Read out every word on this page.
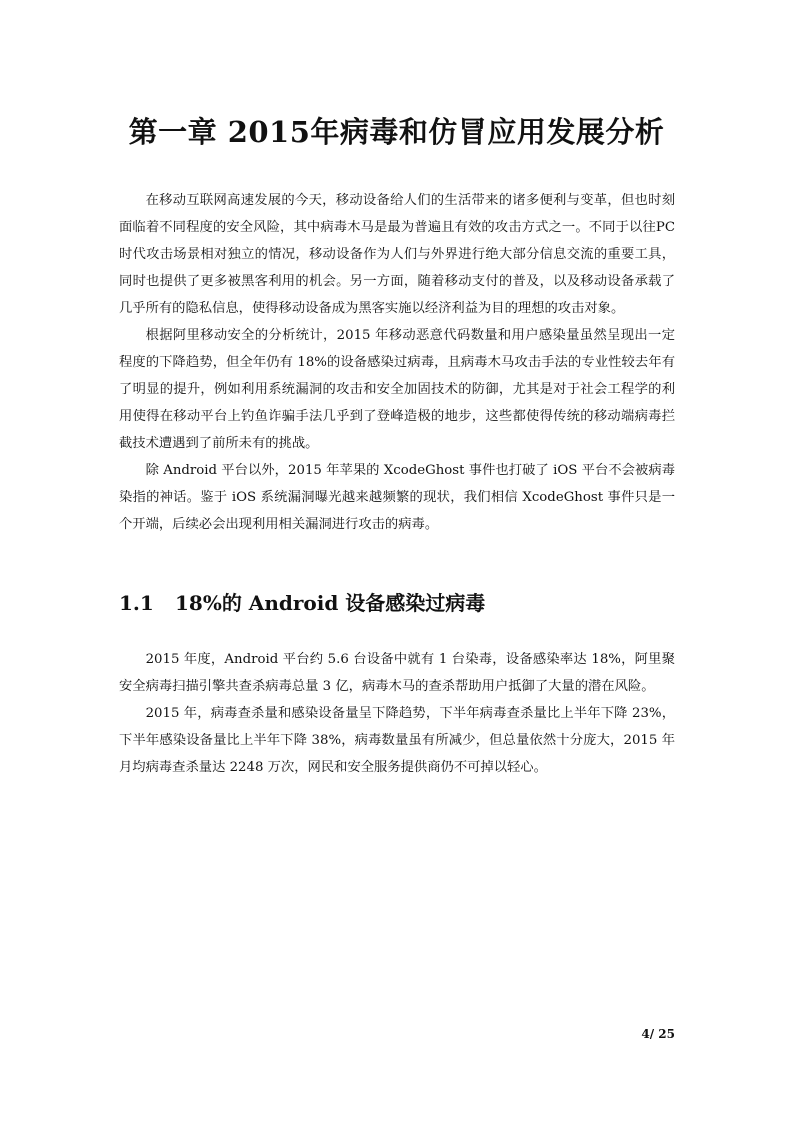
第一章 2015年病毒和仿冒应用发展分析

在移动互联网高速发展的今天，移动设备给人们的生活带来的诸多便利与变革，但也时刻面临着不同程度的安全风险，其中病毒木马是最为普遍且有效的攻击方式之一。不同于以往PC时代攻击场景相对独立的情况，移动设备作为人们与外界进行绝大部分信息交流的重要工具，同时也提供了更多被黑客利用的机会。另一方面，随着移动支付的普及，以及移动设备承载了几乎所有的隐私信息，使得移动设备成为黑客实施以经济利益为目的理想的攻击对象。

根据阿里移动安全的分析统计，2015 年移动恶意代码数量和用户感染量虽然呈现出一定程度的下降趋势，但全年仍有 18%的设备感染过病毒，且病毒木马攻击手法的专业性较去年有了明显的提升，例如利用系统漏洞的攻击和安全加固技术的防御，尤其是对于社会工程学的利用使得在移动平台上钓鱼诈骗手法几乎到了登峰造极的地步，这些都使得传统的移动端病毒拦截技术遭遇到了前所未有的挑战。

除 Android 平台以外，2015 年苹果的 XcodeGhost 事件也打破了 iOS 平台不会被病毒染指的神话。鉴于 iOS 系统漏洞曝光越来越频繁的现状，我们相信 XcodeGhost 事件只是一个开端，后续必会出现利用相关漏洞进行攻击的病毒。

1.1 18%的 Android 设备感染过病毒

2015 年度，Android 平台约 5.6 台设备中就有 1 台染毒，设备感染率达 18%，阿里聚安全病毒扫描引擎共查杀病毒总量 3 亿，病毒木马的查杀帮助用户抵御了大量的潜在风险。

2015 年，病毒查杀量和感染设备量呈下降趋势，下半年病毒查杀量比上半年下降 23%，下半年感染设备量比上半年下降 38%，病毒数量虽有所减少，但总量依然十分庞大，2015 年月均病毒查杀量达 2248 万次，网民和安全服务提供商仍不可掉以轻心。

4/ 25
